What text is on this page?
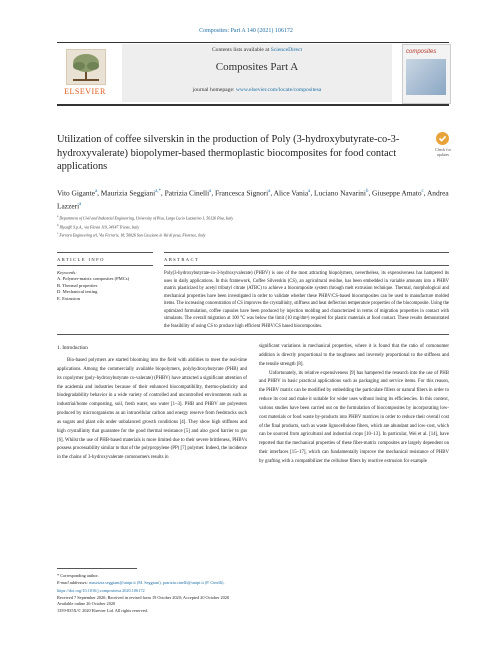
Composites: Part A 140 (2021) 106172
ELSEVIER
Contents lists available at ScienceDirect
Composites Part A
journal homepage: www.elsevier.com/locate/compositesa
composites
Utilization of coffee silverskin in the production of Poly (3-hydroxybutyrate-co-3-hydroxyvalerate) biopolymer-based thermoplastic biocomposites for food contact applications
Check for updates
Vito Gigante$^a$, Maurizia Seggiani$^{a,*}$, Patrizia Cinelli$^a$, Francesca Signori$^a$, Alice Vania$^a$, Luciano Navarini$^b$, Giuseppe Amato$^c$, Andrea Lazzeri$^a$
$^a$ Department of Civil and Industrial Engineering, University of Pisa, Largo Lucio Lazzarino 1, 56126 Pisa, Italy
$^b$ Illycaffè S.p.A., via Flavia 110, 34147 Trieste, Italy
$^c$ Ferrara Engineering srl, Via Ferraris, 18, 50026 San Casciano in Val di pesa, Florence, Italy
ARTICLE INFO	ABSTRACT
Keywords:
A. Polymer-matrix composites (PMCs)
B. Thermal properties
D. Mechanical testing
E. Extrusion
Poly(3-hydroxybutyrate-co-3-hydroxyvalerate) (PHBV) is one of the most attracting biopolymers, nevertheless, its expensiveness has hampered its uses in daily applications. In this framework, Coffee Silverskin (CS), an agricultural residue, has been embedded in variable amounts into a PHBV matrix plasticized by acetyl tributyl citrate (ATBC) to achieve a biocomposite system through melt extrusion technique. Thermal, morphological and mechanical properties have been investigated in order to validate whether these PHBV/CS-based biocomposites can be used to manufacture molded items. The increasing concentration of CS improves the crystallinity, stiffness and heat deflection temperature properties of the biocomposite. Using the optimized formulation, coffee capsules have been produced by injection molding and characterized in terms of migration properties in contact with simulants. The overall migration at 100 °C was below the limit (10 mg/dm²) required for plastic materials at food contact. These results demonstrated the feasibility of using CS to produce high efficient PHBV/CS based biocomposites.
1. Introduction

Bio-based polymers are started blooming into the field with abilities to meet the real-time applications. Among the commercially available biopolymers, polyhydroxybutyrate (PHB) and its copolymer (poly-hydroxybutyrate co-valerate) (PHBV) have attracted a significant attention of the academia and industries because of their enhanced biocompatibility, thermo-plasticity and biodegradability behavior in a wide variety of controlled and uncontrolled environments such as industrial/home composting, soil, fresh water, sea water [1–3]. PHB and PHBV are polyesters produced by microorganisms as an intracellular carbon and energy reserve from feedstocks such as sugars and plant oils under unbalanced growth conditions [4]. They show high stiffness and high crystallinity that guarantee for the good thermal resistance [5] and also good barrier to gas [6]. Whilst the use of PHB-based materials is more limited due to their severe brittleness, PHBVs possess processability similar to that of the polypropylene (PP) [7] polymer. Indeed, the incidence in the chains of 3-hydroxyvalerate comonomers results in

significant variations in mechanical properties, where it is found that the ratio of comonomer addition is directly proportional to the toughness and inversely proportional to the stiffness and the tensile strength [8].

Unfortunately, its relative expensiveness [9] has hampered the research into the use of PHB and PHBV in basic practical applications such as packaging and service items. For this reason, the PHBV matrix can be modified by embedding the particulate fillers or natural fibers in order to reduce its cost and make it suitable for wider uses without losing its efficiencies. In this context, various studies have been carried out on the formulation of biocomposites by incorporating low-cost materials or food waste by-products into PHBV matrices in order to reduce their overall cost of the final products, such as waste lignocellulose fibers, which are abundant and low-cost, which can be sourced from agricultural and industrial crops [10–13]. In particular, Wei et al. [14], have reported that the mechanical properties of these fiber-matrix composites are largely dependent on their interfaces [15–17], which can fundamentally improve the mechanical resistance of PHBV by grafting with a compatibilizer the cellulose fibers by reactive extrusion for example

* Corresponding author.
E-mail addresses: maurizia.seggiani@unipi.it (M. Seggiani), patrizia.cinelli@unipi.it (P. Cinelli).
https://doi.org/10.1016/j.compositesa.2020.106172
Received 7 September 2020; Received in revised form 19 October 2020; Accepted 20 October 2020
Available online 26 October 2020
1359-835X/© 2020 Elsevier Ltd. All rights reserved.
